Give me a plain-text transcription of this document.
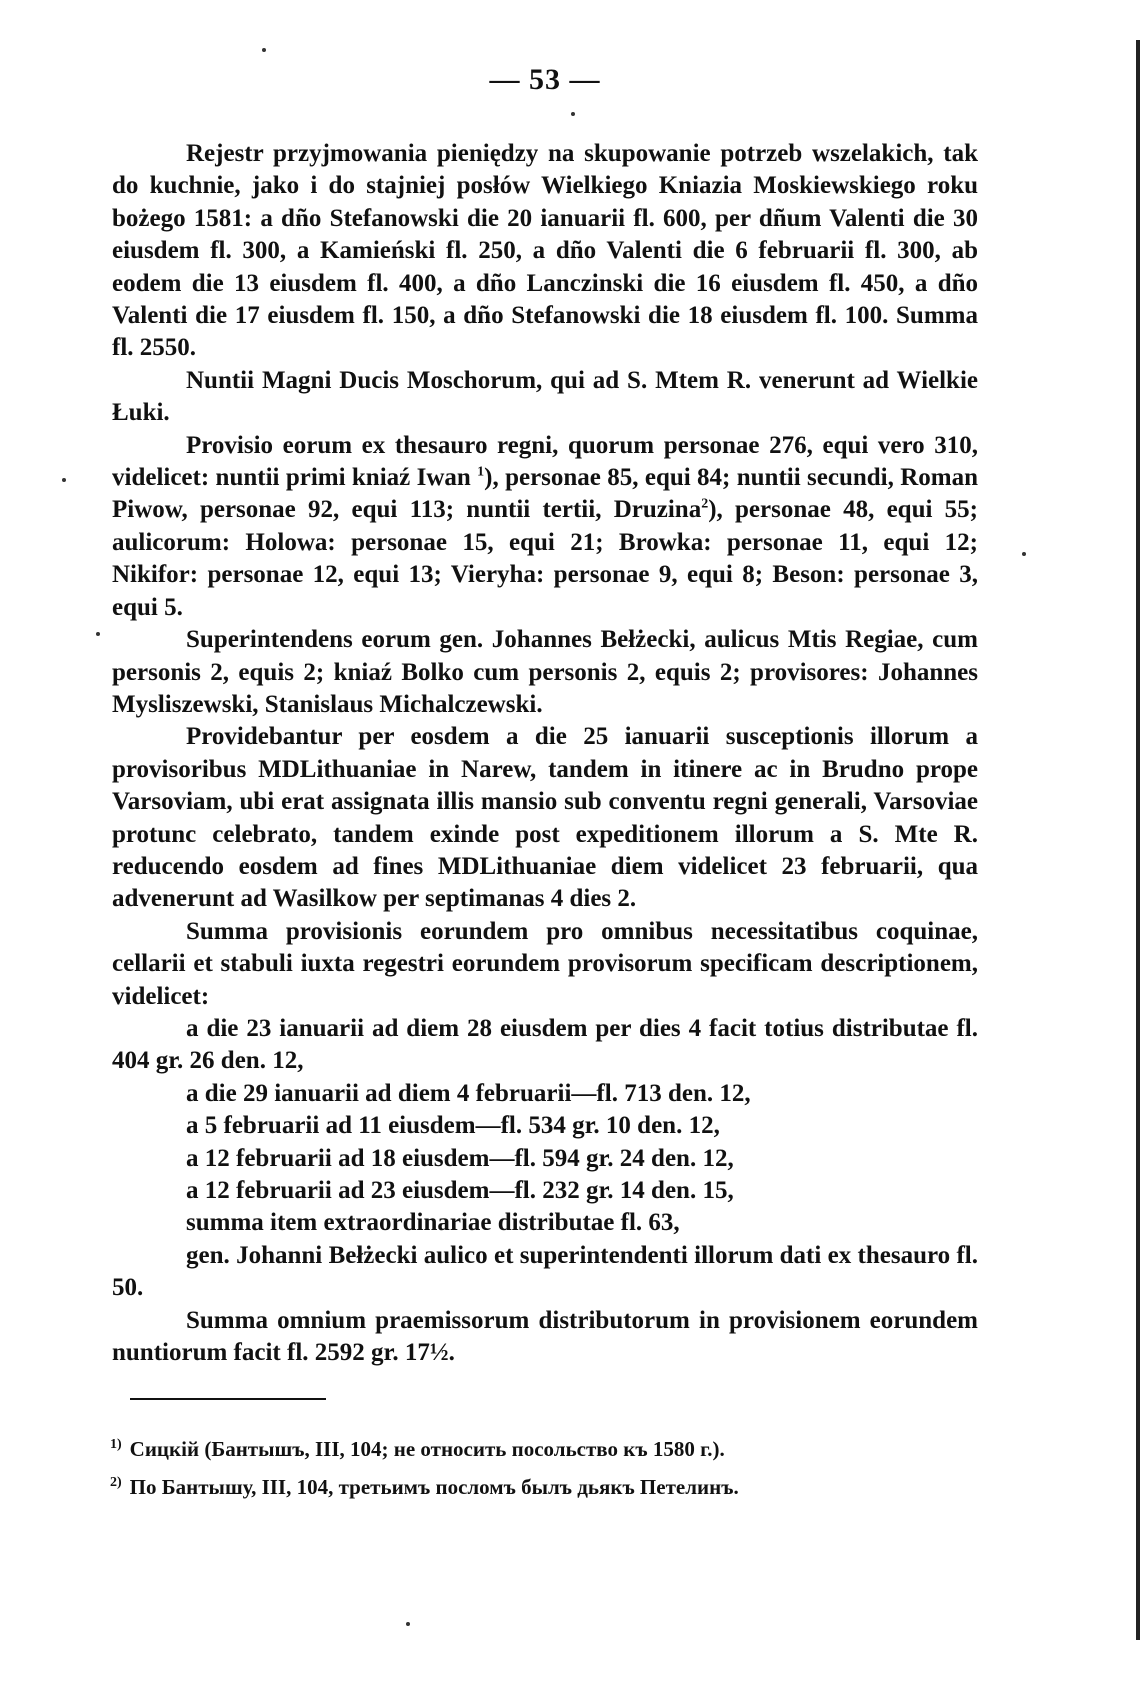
— 53 —

Rejestr przyjmowania pieniędzy na skupowanie potrzeb wszelakich, tak do kuchnie, jako i do stajniej posłów Wielkiego Kniazia Moskiewskiego roku bożego 1581: a dño Stefanowski die 20 ianuarii fl. 600, per dñum Valenti die 30 eiusdem fl. 300, a Kamieński fl. 250, a dño Valenti die 6 februarii fl. 300, ab eodem die 13 eiusdem fl. 400, a dño Lanczinski die 16 eiusdem fl. 450, a dño Valenti die 17 eiusdem fl. 150, a dño Stefanowski die 18 eiusdem fl. 100. Summa fl. 2550.

Nuntii Magni Ducis Moschorum, qui ad S. Mtem R. venerunt ad Wielkie Łuki.

Provisio eorum ex thesauro regni, quorum personae 276, equi vero 310, videlicet: nuntii primi kniaź Iwan $^1$), personae 85, equi 84; nuntii secundi, Roman Piwow, personae 92, equi 113; nuntii tertii, Druzina$^2$), personae 48, equi 55; aulicorum: Holowa: personae 15, equi 21; Browka: personae 11, equi 12; Nikifor: personae 12, equi 13; Vieryha: personae 9, equi 8; Beson: personae 3, equi 5.

Superintendens eorum gen. Johannes Bełżecki, aulicus Mtis Regiae, cum personis 2, equis 2; kniaź Bolko cum personis 2, equis 2; provisores: Johannes Mysliszewski, Stanislaus Michalczewski.

Providebantur per eosdem a die 25 ianuarii susceptionis illorum a provisoribus MDLithuaniae in Narew, tandem in itinere ac in Brudno prope Varsoviam, ubi erat assignata illis mansio sub conventu regni generali, Varsoviae protunc celebrato, tandem exinde post expeditionem illorum a S. Mte R. reducendo eosdem ad fines MDLithuaniae diem videlicet 23 februarii, qua advenerunt ad Wasilkow per septimanas 4 dies 2.

Summa provisionis eorundem pro omnibus necessitatibus coquinae, cellarii et stabuli iuxta regestri eorundem provisorum specificam descriptionem, videlicet:

a die 23 ianuarii ad diem 28 eiusdem per dies 4 facit totius distributae fl. 404 gr. 26 den. 12,

a die 29 ianuarii ad diem 4 februarii—fl. 713 den. 12,

a 5 februarii ad 11 eiusdem—fl. 534 gr. 10 den. 12,

a 12 februarii ad 18 eiusdem—fl. 594 gr. 24 den. 12,

a 12 februarii ad 23 eiusdem—fl. 232 gr. 14 den. 15,

summa item extraordinariae distributae fl. 63,

gen. Johanni Bełżecki aulico et superintendenti illorum dati ex thesauro fl. 50.

Summa omnium praemissorum distributorum in provisionem eorundem nuntiorum facit fl. 2592 gr. 17½.

$^{1)}$ Сицкій (Бантышъ, III, 104; не относить посольство къ 1580 г.).
$^{2)}$ По Бантышу, III, 104, третьимъ посломъ былъ дьякъ Петелинъ.
